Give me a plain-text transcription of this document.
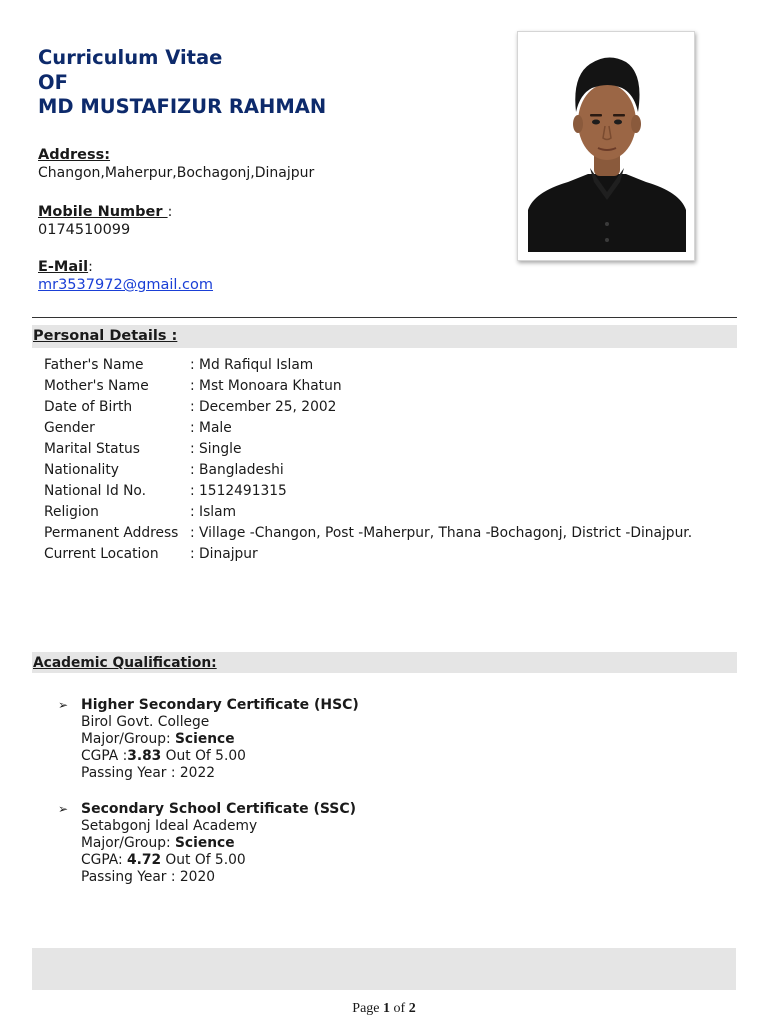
Curriculum Vitae
OF
MD MUSTAFIZUR RAHMAN
Address:
Changon,Maherpur,Bochagonj,Dinajpur
Mobile Number :
0174510099
E-Mail:
mr3537972@gmail.com
Personal Details :
Father's Name	: Md Rafiqul Islam
Mother's Name	: Mst Monoara Khatun
Date of Birth	: December 25, 2002
Gender	: Male
Marital Status	: Single
Nationality	: Bangladeshi
National Id No.	: 1512491315
Religion	: Islam
Permanent Address : Village -Changon, Post -Maherpur, Thana -Bochagonj, District -Dinajpur.
Current Location	: Dinajpur
Academic Qualification:
➢ Higher Secondary Certificate (HSC)
Birol Govt. College
Major/Group: Science
CGPA :3.83 Out Of 5.00
Passing Year : 2022
➢ Secondary School Certificate (SSC)
Setabgonj Ideal Academy
Major/Group: Science
CGPA: 4.72 Out Of 5.00
Passing Year : 2020
Page 1 of 2
